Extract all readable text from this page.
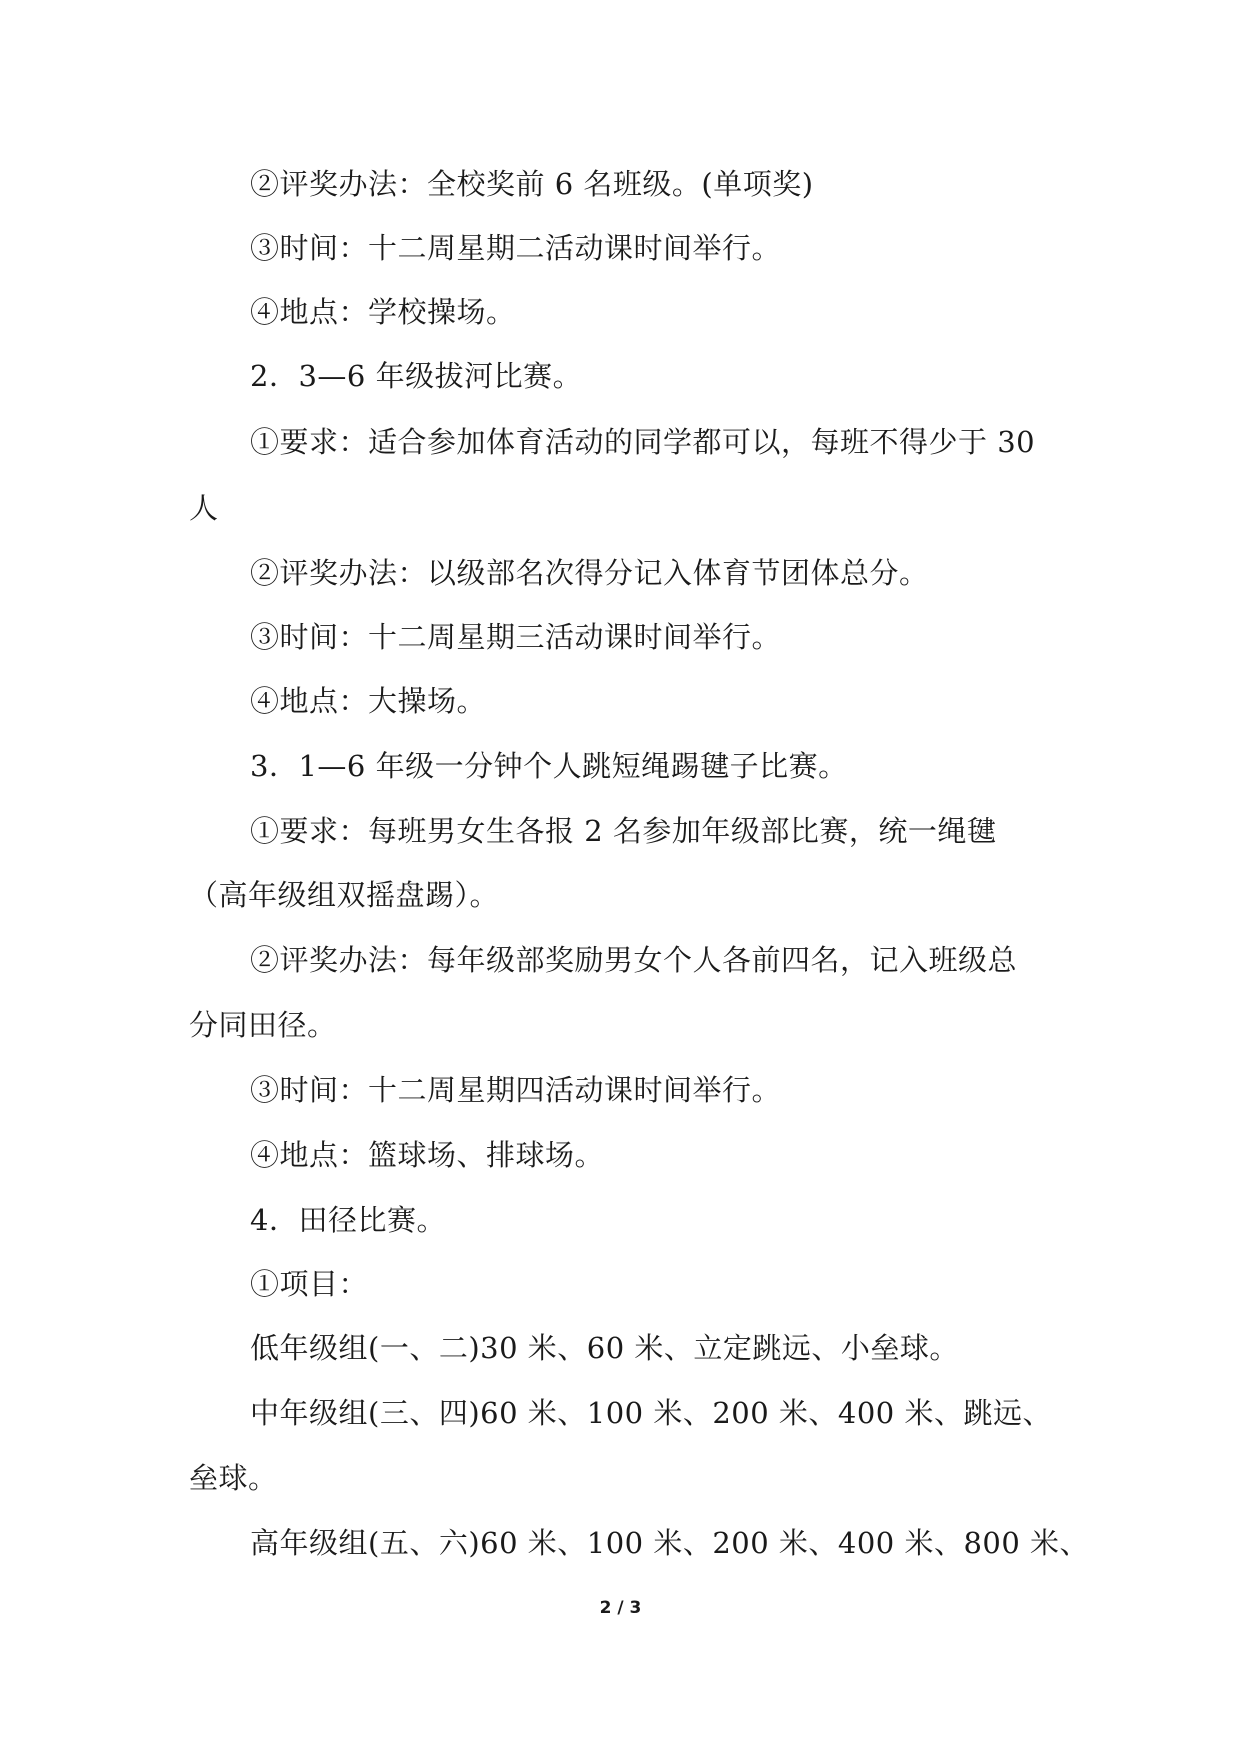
②评奖办法：全校奖前 6 名班级。(单项奖)
③时间：十二周星期二活动课时间举行。
④地点：学校操场。
2．3—6 年级拔河比赛。
①要求：适合参加体育活动的同学都可以，每班不得少于 30
人
②评奖办法：以级部名次得分记入体育节团体总分。
③时间：十二周星期三活动课时间举行。
④地点：大操场。
3．1—6 年级一分钟个人跳短绳踢毽子比赛。
①要求：每班男女生各报 2 名参加年级部比赛，统一绳毽
（高年级组双摇盘踢）。
②评奖办法：每年级部奖励男女个人各前四名，记入班级总
分同田径。
③时间：十二周星期四活动课时间举行。
④地点：篮球场、排球场。
4．田径比赛。
①项目：
低年级组(一、二)30 米、60 米、立定跳远、小垒球。
中年级组(三、四)60 米、100 米、200 米、400 米、跳远、
垒球。
高年级组(五、六)60 米、100 米、200 米、400 米、800 米、
2 / 3
